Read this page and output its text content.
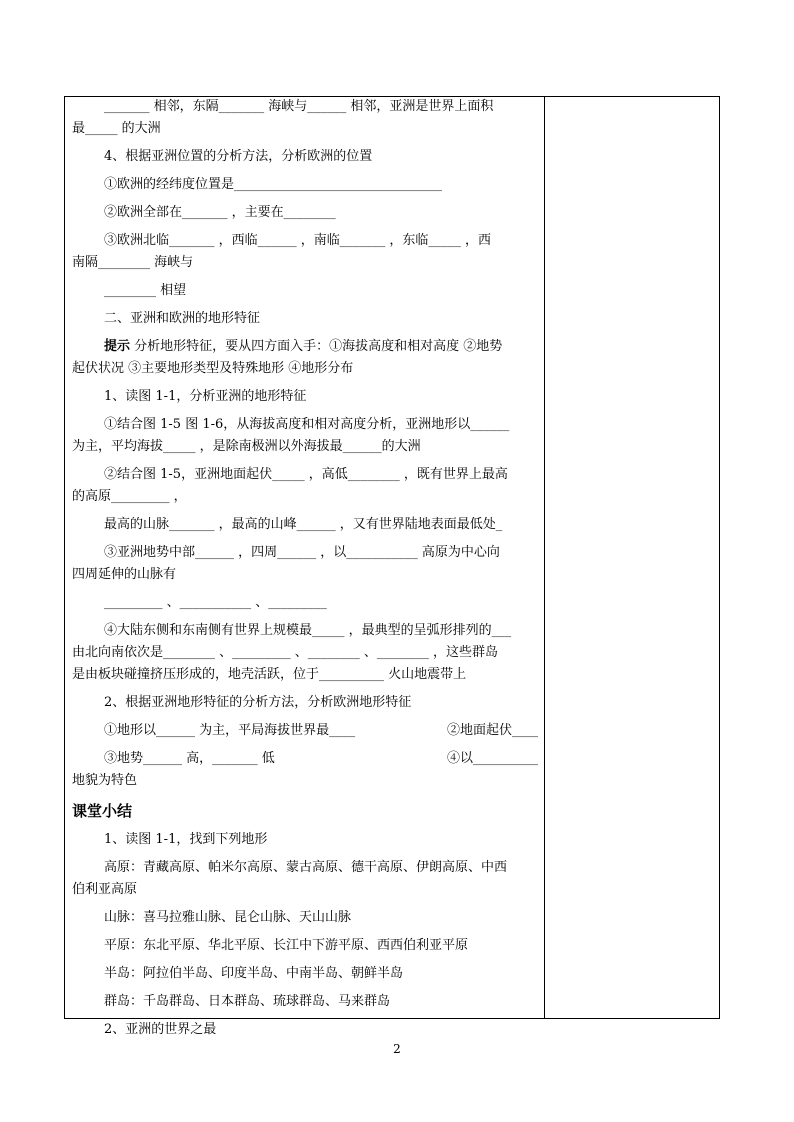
_______ 相邻，东隔_______ 海峡与______ 相邻，亚洲是世界上面积
最_____ 的大洲
4、根据亚洲位置的分析方法，分析欧洲的位置
①欧洲的经纬度位置是________________________________
②欧洲全部在_______ ，主要在________
③欧洲北临_______ ，西临______ ，南临_______ ，东临_____ ，西
南隔________ 海峡与
________ 相望
二、亚洲和欧洲的地形特征
提示 分析地形特征，要从四方面入手：①海拔高度和相对高度 ②地势
起伏状况 ③主要地形类型及特殊地形 ④地形分布
1、读图 1-1，分析亚洲的地形特征
①结合图 1-5 图 1-6，从海拔高度和相对高度分析，亚洲地形以______
为主，平均海拔_____ ，是除南极洲以外海拔最______的大洲
②结合图 1-5，亚洲地面起伏_____ ，高低________ ，既有世界上最高
的高原_________ ，
最高的山脉_______ ，最高的山峰______ ，又有世界陆地表面最低处_
③亚洲地势中部______ ，四周______ ，以___________ 高原为中心向
四周延伸的山脉有
_________ 、___________ 、_________
④大陆东侧和东南侧有世界上规模最_____ ，最典型的呈弧形排列的___
由北向南依次是________ 、_________ 、________ 、________ ，这些群岛
是由板块碰撞挤压形成的，地壳活跃，位于__________ 火山地震带上
2、根据亚洲地形特征的分析方法，分析欧洲地形特征
①地形以______ 为主，平局海拔世界最____	②地面起伏____
③地势______ 高，_______ 低	④以__________
地貌为特色
课堂小结
1、读图 1-1，找到下列地形
高原：青藏高原、帕米尔高原、蒙古高原、德干高原、伊朗高原、中西
伯利亚高原
山脉：喜马拉雅山脉、昆仑山脉、天山山脉
平原：东北平原、华北平原、长江中下游平原、西西伯利亚平原
半岛：阿拉伯半岛、印度半岛、中南半岛、朝鲜半岛
群岛：千岛群岛、日本群岛、琉球群岛、马来群岛
2、亚洲的世界之最
2
